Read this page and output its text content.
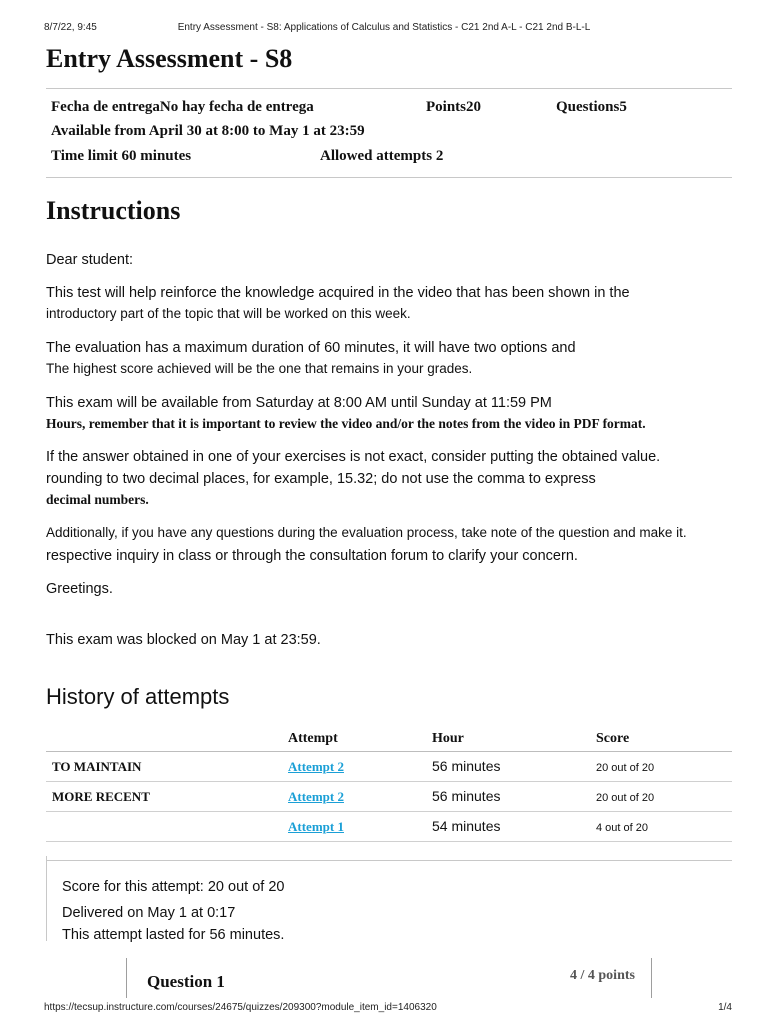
8/7/22, 9:45	Entry Assessment - S8: Applications of Calculus and Statistics - C21 2nd A-L - C21 2nd B-L-L
Entry Assessment - S8
Fecha de entregaNo hay fecha de entrega	Points20	Questions5
Available from April 30 at 8:00 to May 1 at 23:59
Time limit 60 minutes	Allowed attempts 2
Instructions
Dear student:
This test will help reinforce the knowledge acquired in the video that has been shown in the
introductory part of the topic that will be worked on this week.
The evaluation has a maximum duration of 60 minutes, it will have two options and
The highest score achieved will be the one that remains in your grades.
This exam will be available from Saturday at 8:00 AM until Sunday at 11:59 PM
Hours, remember that it is important to review the video and/or the notes from the video in PDF format.
If the answer obtained in one of your exercises is not exact, consider putting the obtained value.
rounding to two decimal places, for example, 15.32; do not use the comma to express
decimal numbers.
Additionally, if you have any questions during the evaluation process, take note of the question and make it.
respective inquiry in class or through the consultation forum to clarify your concern.
Greetings.
This exam was blocked on May 1 at 23:59.
History of attempts
	Attempt	Hour	Score
TO MAINTAIN	Attempt 2	56 minutes	20 out of 20
MORE RECENT	Attempt 2	56 minutes	20 out of 20
	Attempt 1	54 minutes	4 out of 20
Score for this attempt: 20 out of 20
Delivered on May 1 at 0:17
This attempt lasted for 56 minutes.
Question 1	4 / 4 points
https://tecsup.instructure.com/courses/24675/quizzes/209300?module_item_id=1406320	1/4
